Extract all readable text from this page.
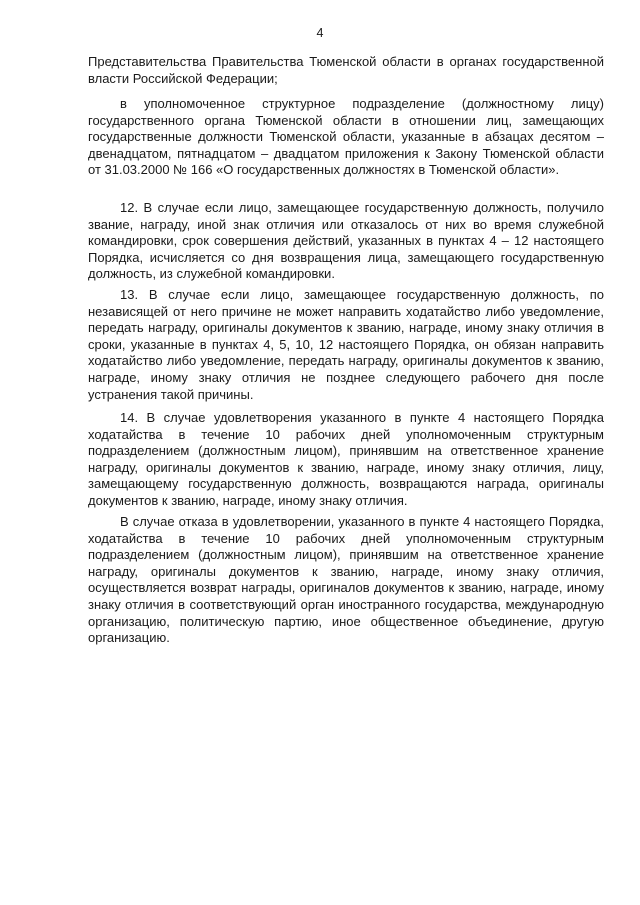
4

Представительства Правительства Тюменской области в органах государственной власти Российской Федерации;

в уполномоченное структурное подразделение (должностному лицу) государственного органа Тюменской области в отношении лиц, замещающих государственные должности Тюменской области, указанные в абзацах десятом – двенадцатом, пятнадцатом – двадцатом приложения к Закону Тюменской области от 31.03.2000 № 166 «О государственных должностях в Тюменской области».

12. В случае если лицо, замещающее государственную должность, получило звание, награду, иной знак отличия или отказалось от них во время служебной командировки, срок совершения действий, указанных в пунктах 4 – 12 настоящего Порядка, исчисляется со дня возвращения лица, замещающего государственную должность, из служебной командировки.

13. В случае если лицо, замещающее государственную должность, по независящей от него причине не может направить ходатайство либо уведомление, передать награду, оригиналы документов к званию, награде, иному знаку отличия в сроки, указанные в пунктах 4, 5, 10, 12 настоящего Порядка, он обязан направить ходатайство либо уведомление, передать награду, оригиналы документов к званию, награде, иному знаку отличия не позднее следующего рабочего дня после устранения такой причины.

14. В случае удовлетворения указанного в пункте 4 настоящего Порядка ходатайства в течение 10 рабочих дней уполномоченным структурным подразделением (должностным лицом), принявшим на ответственное хранение награду, оригиналы документов к званию, награде, иному знаку отличия, лицу, замещающему государственную должность, возвращаются награда, оригиналы документов к званию, награде, иному знаку отличия.

В случае отказа в удовлетворении, указанного в пункте 4 настоящего Порядка, ходатайства в течение 10 рабочих дней уполномоченным структурным подразделением (должностным лицом), принявшим на ответственное хранение награду, оригиналы документов к званию, награде, иному знаку отличия, осуществляется возврат награды, оригиналов документов к званию, награде, иному знаку отличия в соответствующий орган иностранного государства, международную организацию, политическую партию, иное общественное объединение, другую организацию.
